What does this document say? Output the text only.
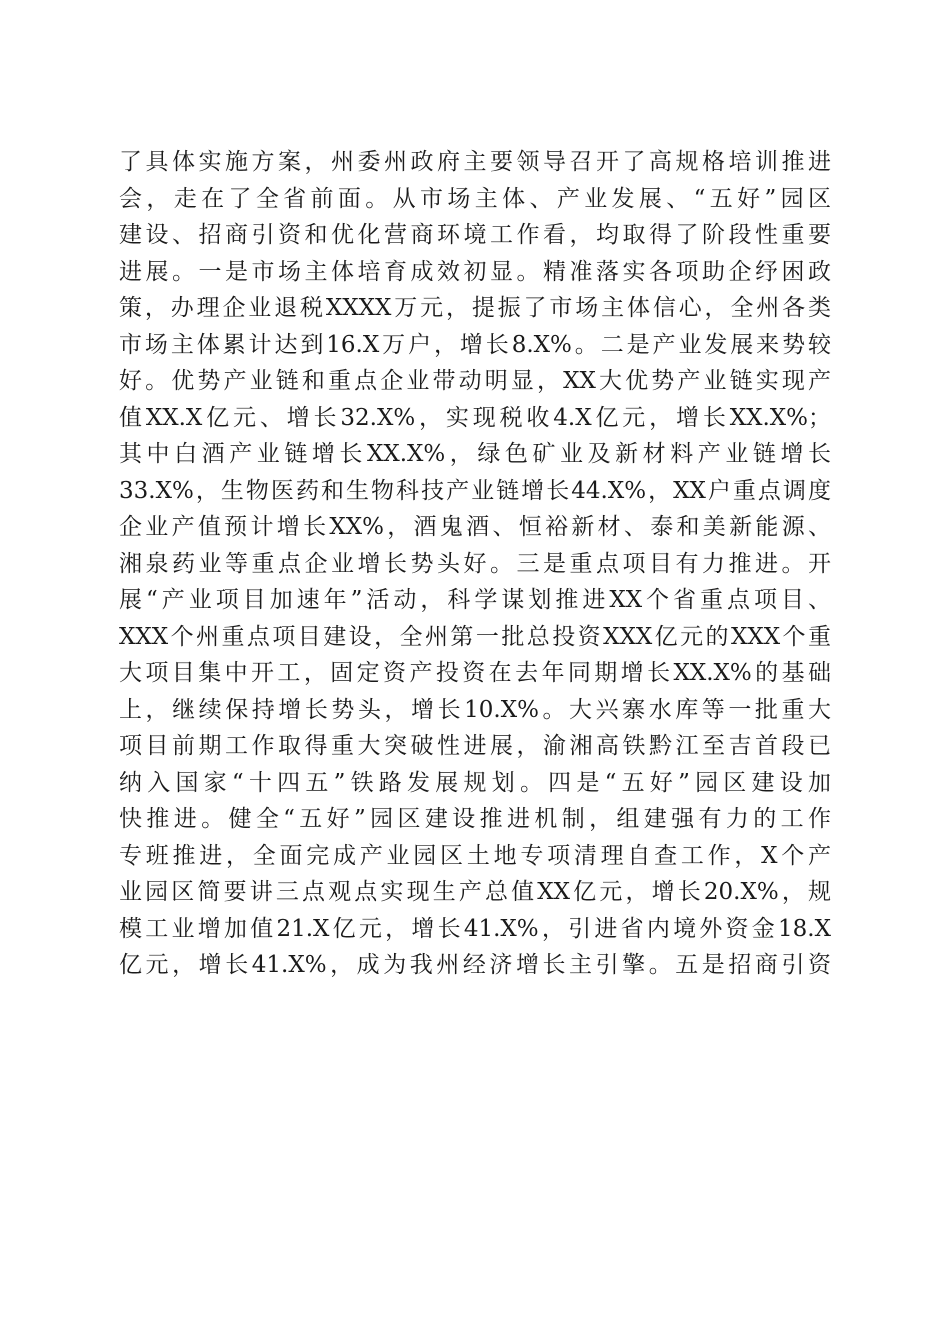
了具体实施方案，州委州政府主要领导召开了高规格培训推进
会，走在了全省前面。从市场主体、产业发展、“五好”园区
建设、招商引资和优化营商环境工作看，均取得了阶段性重要
进展。一是市场主体培育成效初显。精准落实各项助企纾困政
策，办理企业退税XXXX万元，提振了市场主体信心，全州各类
市场主体累计达到16.X万户，增长8.X%。二是产业发展来势较
好。优势产业链和重点企业带动明显，XX大优势产业链实现产
值XX.X亿元、增长32.X%，实现税收4.X亿元，增长XX.X%；
其中白酒产业链增长XX.X%，绿色矿业及新材料产业链增长
33.X%，生物医药和生物科技产业链增长44.X%，XX户重点调度
企业产值预计增长XX%，酒鬼酒、恒裕新材、泰和美新能源、
湘泉药业等重点企业增长势头好。三是重点项目有力推进。开
展“产业项目加速年”活动，科学谋划推进XX个省重点项目、
XXX个州重点项目建设，全州第一批总投资XXX亿元的XXX个重
大项目集中开工，固定资产投资在去年同期增长XX.X%的基础
上，继续保持增长势头，增长10.X%。大兴寨水库等一批重大
项目前期工作取得重大突破性进展，渝湘高铁黔江至吉首段已
纳入国家“十四五”铁路发展规划。四是“五好”园区建设加
快推进。健全“五好”园区建设推进机制，组建强有力的工作
专班推进，全面完成产业园区土地专项清理自查工作，X个产
业园区简要讲三点观点实现生产总值XX亿元，增长20.X%，规
模工业增加值21.X亿元，增长41.X%，引进省内境外资金18.X
亿元，增长41.X%，成为我州经济增长主引擎。五是招商引资
